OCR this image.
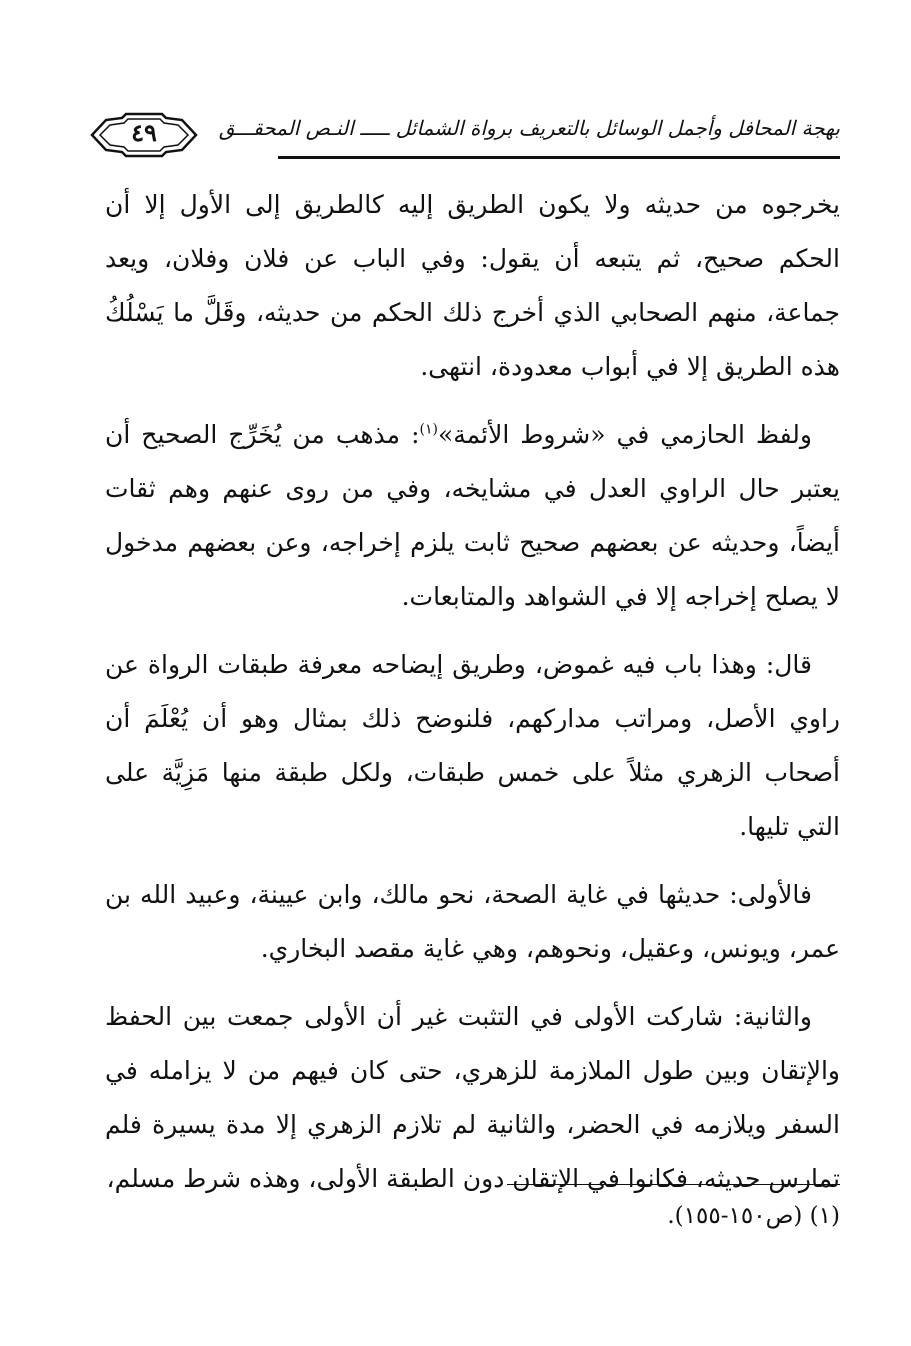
بهجة المحافل وأجمل الوسائل بالتعريف برواة الشمائل ـــــ النـص المحقـــق
٤٩

يخرجوه من حديثه ولا يكون الطريق إليه كالطريق إلى الأول إلا أن الحكم صحيح، ثم يتبعه أن يقول: وفي الباب عن فلان وفلان، ويعد جماعة، منهم الصحابي الذي أخرج ذلك الحكم من حديثه، وقَلَّ ما يَسْلُكُ هذه الطريق إلا في أبواب معدودة، انتهى.

ولفظ الحازمي في «شروط الأئمة»$^{(١)}$: مذهب من يُخَرِّج الصحيح أن يعتبر حال الراوي العدل في مشايخه، وفي من روى عنهم وهم ثقات أيضاً، وحديثه عن بعضهم صحيح ثابت يلزم إخراجه، وعن بعضهم مدخول لا يصلح إخراجه إلا في الشواهد والمتابعات.

قال: وهذا باب فيه غموض، وطريق إيضاحه معرفة طبقات الرواة عن راوي الأصل، ومراتب مداركهم، فلنوضح ذلك بمثال وهو أن يُعْلَمَ أن أصحاب الزهري مثلاً على خمس طبقات، ولكل طبقة منها مَزِيَّة على التي تليها.

فالأولى: حديثها في غاية الصحة، نحو مالك، وابن عيينة، وعبيد الله بن عمر، ويونس، وعقيل، ونحوهم، وهي غاية مقصد البخاري.

والثانية: شاركت الأولى في التثبت غير أن الأولى جمعت بين الحفظ والإتقان وبين طول الملازمة للزهري، حتى كان فيهم من لا يزامله في السفر ويلازمه في الحضر، والثانية لم تلازم الزهري إلا مدة يسيرة فلم تمارس حديثه، فكانوا في الإتقان دون الطبقة الأولى، وهذه شرط مسلم،

(١) (ص١٥٠-١٥٥).
